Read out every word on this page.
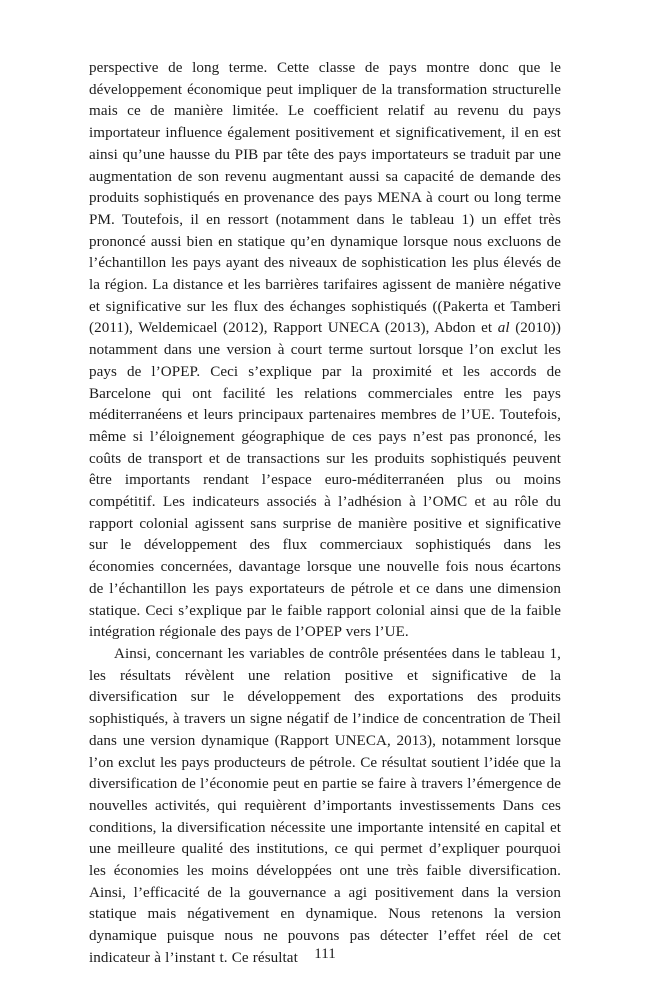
perspective de long terme. Cette classe de pays montre donc que le développement économique peut impliquer de la transformation structurelle mais ce de manière limitée. Le coefficient relatif au revenu du pays importateur influence également positivement et significativement, il en est ainsi qu’une hausse du PIB par tête des pays importateurs se traduit par une augmentation de son revenu augmentant aussi sa capacité de demande des produits sophistiqués en provenance des pays MENA à court ou long terme PM. Toutefois, il en ressort (notamment dans le tableau 1) un effet très prononcé aussi bien en statique qu’en dynamique lorsque nous excluons de l’échantillon les pays ayant des niveaux de sophistication les plus élevés de la région. La distance et les barrières tarifaires agissent de manière négative et significative sur les flux des échanges sophistiqués ((Pakerta et Tamberi (2011), Weldemicael (2012), Rapport UNECA (2013), Abdon et al (2010)) notamment dans une version à court terme surtout lorsque l’on exclut les pays de l’OPEP. Ceci s’explique par la proximité et les accords de Barcelone qui ont facilité les relations commerciales entre les pays méditerranéens et leurs principaux partenaires membres de l’UE. Toutefois, même si l’éloignement géographique de ces pays n’est pas prononcé, les coûts de transport et de transactions sur les produits sophistiqués peuvent être importants rendant l’espace euro-méditerranéen plus ou moins compétitif. Les indicateurs associés à l’adhésion à l’OMC et au rôle du rapport colonial agissent sans surprise de manière positive et significative sur le développement des flux commerciaux sophistiqués dans les économies concernées, davantage lorsque une nouvelle fois nous écartons de l’échantillon les pays exportateurs de pétrole et ce dans une dimension statique. Ceci s’explique par le faible rapport colonial ainsi que de la faible intégration régionale des pays de l’OPEP vers l’UE.

Ainsi, concernant les variables de contrôle présentées dans le tableau 1, les résultats révèlent une relation positive et significative de la diversification sur le développement des exportations des produits sophistiqués, à travers un signe négatif de l’indice de concentration de Theil dans une version dynamique (Rapport UNECA, 2013), notamment lorsque l’on exclut les pays producteurs de pétrole. Ce résultat soutient l’idée que la diversification de l’économie peut en partie se faire à travers l’émergence de nouvelles activités, qui requièrent d’importants investissements Dans ces conditions, la diversification nécessite une importante intensité en capital et une meilleure qualité des institutions, ce qui permet d’expliquer pourquoi les économies les moins développées ont une très faible diversification. Ainsi, l’efficacité de la gouvernance a agi positivement dans la version statique mais négativement en dynamique. Nous retenons la version dynamique puisque nous ne pouvons pas détecter l’effet réel de cet indicateur à l’instant t. Ce résultat	111
